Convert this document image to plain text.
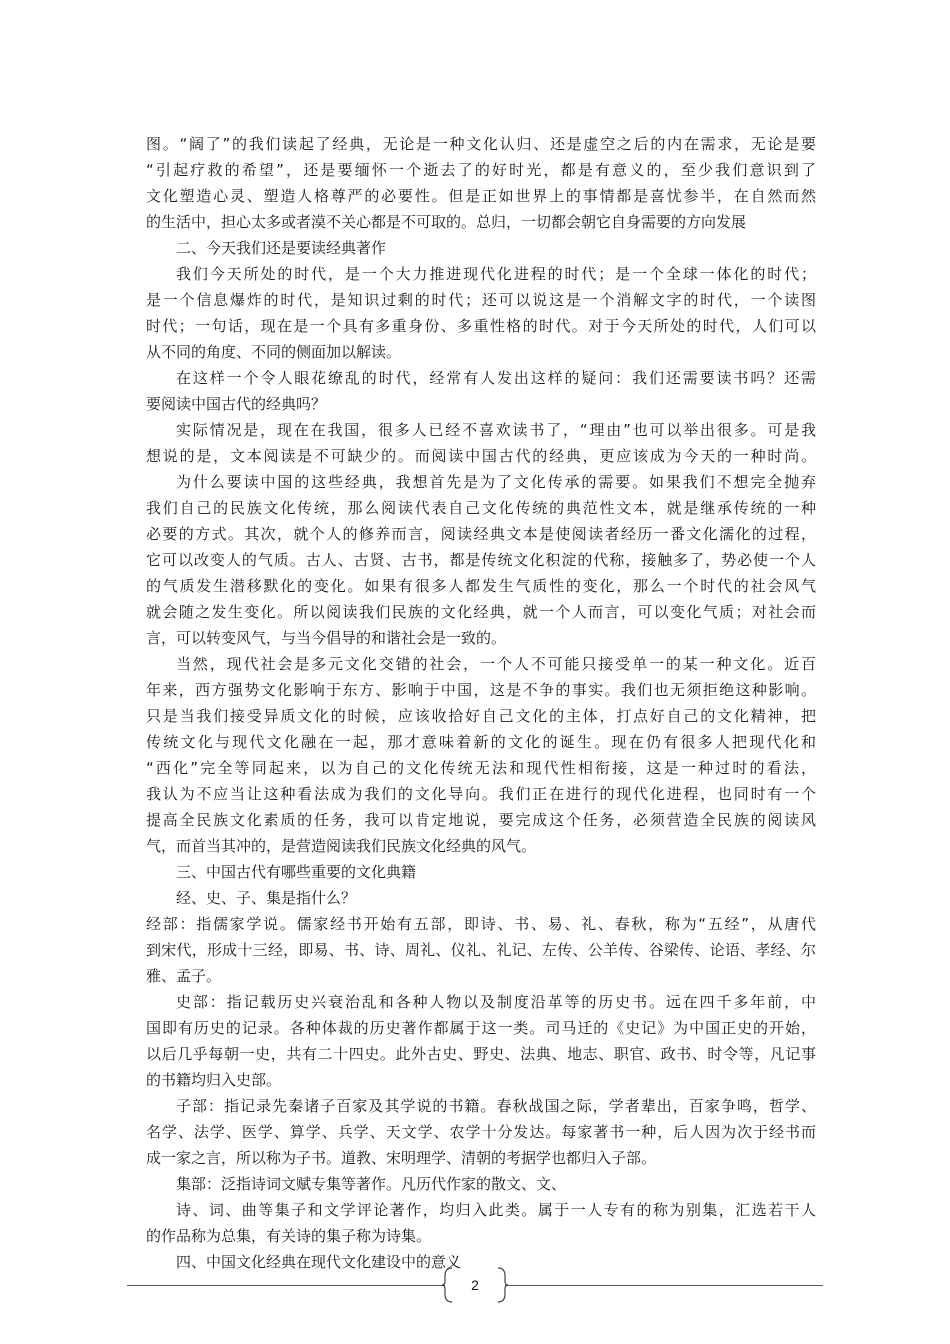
图。“阔了”的我们读起了经典，无论是一种文化认归、还是虚空之后的内在需求，无论是要
“引起疗救的希望”，还是要缅怀一个逝去了的好时光，都是有意义的，至少我们意识到了
文化塑造心灵、塑造人格尊严的必要性。但是正如世界上的事情都是喜忧参半，在自然而然
的生活中，担心太多或者漠不关心都是不可取的。总归，一切都会朝它自身需要的方向发展
二、今天我们还是要读经典著作
我们今天所处的时代，是一个大力推进现代化进程的时代；是一个全球一体化的时代；
是一个信息爆炸的时代，是知识过剩的时代；还可以说这是一个消解文字的时代，一个读图
时代；一句话，现在是一个具有多重身份、多重性格的时代。对于今天所处的时代，人们可以
从不同的角度、不同的侧面加以解读。
在这样一个令人眼花缭乱的时代，经常有人发出这样的疑问：我们还需要读书吗？还需
要阅读中国古代的经典吗？
实际情况是，现在在我国，很多人已经不喜欢读书了，“理由”也可以举出很多。可是我
想说的是，文本阅读是不可缺少的。而阅读中国古代的经典，更应该成为今天的一种时尚。
为什么要读中国的这些经典，我想首先是为了文化传承的需要。如果我们不想完全抛弃
我们自己的民族文化传统，那么阅读代表自己文化传统的典范性文本，就是继承传统的一种
必要的方式。其次，就个人的修养而言，阅读经典文本是使阅读者经历一番文化濡化的过程，
它可以改变人的气质。古人、古贤、古书，都是传统文化积淀的代称，接触多了，势必使一个人
的气质发生潜移默化的变化。如果有很多人都发生气质性的变化，那么一个时代的社会风气
就会随之发生变化。所以阅读我们民族的文化经典，就一个人而言，可以变化气质；对社会而
言，可以转变风气，与当今倡导的和谐社会是一致的。
当然，现代社会是多元文化交错的社会，一个人不可能只接受单一的某一种文化。近百
年来，西方强势文化影响于东方、影响于中国，这是不争的事实。我们也无须拒绝这种影响。
只是当我们接受异质文化的时候，应该收拾好自己文化的主体，打点好自己的文化精神，把
传统文化与现代文化融在一起，那才意味着新的文化的诞生。现在仍有很多人把现代化和
“西化”完全等同起来，以为自己的文化传统无法和现代性相衔接，这是一种过时的看法，
我认为不应当让这种看法成为我们的文化导向。我们正在进行的现代化进程，也同时有一个
提高全民族文化素质的任务，我可以肯定地说，要完成这个任务，必须营造全民族的阅读风
气，而首当其冲的，是营造阅读我们民族文化经典的风气。
三、中国古代有哪些重要的文化典籍
经、史、子、集是指什么？
经部：指儒家学说。儒家经书开始有五部，即诗、书、易、礼、春秋，称为“五经”，从唐代
到宋代，形成十三经，即易、书、诗、周礼、仪礼、礼记、左传、公羊传、谷梁传、论语、孝经、尔
雅、孟子。
史部：指记载历史兴衰治乱和各种人物以及制度沿革等的历史书。远在四千多年前，中
国即有历史的记录。各种体裁的历史著作都属于这一类。司马迁的《史记》为中国正史的开始，
以后几乎每朝一史，共有二十四史。此外古史、野史、法典、地志、职官、政书、时令等，凡记事
的书籍均归入史部。
子部：指记录先秦诸子百家及其学说的书籍。春秋战国之际，学者辈出，百家争鸣，哲学、
名学、法学、医学、算学、兵学、天文学、农学十分发达。每家著书一种，后人因为次于经书而
成一家之言，所以称为子书。道教、宋明理学、清朝的考据学也都归入子部。
集部：泛指诗词文赋专集等著作。凡历代作家的散文、文、
诗、词、曲等集子和文学评论著作，均归入此类。属于一人专有的称为别集，汇选若干人
的作品称为总集，有关诗的集子称为诗集。
四、中国文化经典在现代文化建设中的意义
2
